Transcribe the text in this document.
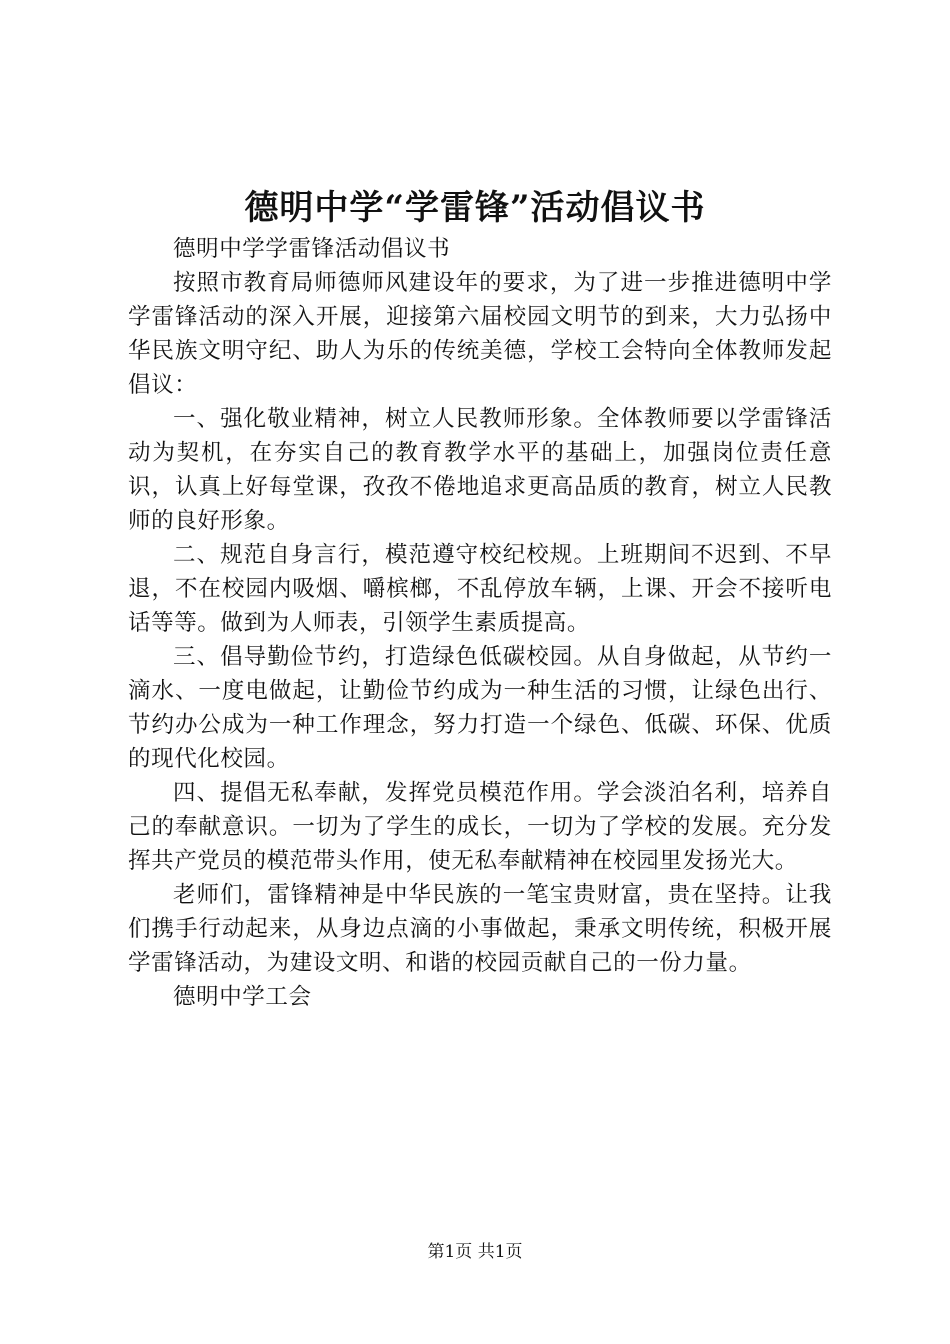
德明中学“学雷锋”活动倡议书

德明中学学雷锋活动倡议书

按照市教育局师德师风建设年的要求，为了进一步推进德明中学学雷锋活动的深入开展，迎接第六届校园文明节的到来，大力弘扬中华民族文明守纪、助人为乐的传统美德，学校工会特向全体教师发起倡议：

一、强化敬业精神，树立人民教师形象。全体教师要以学雷锋活动为契机，在夯实自己的教育教学水平的基础上，加强岗位责任意识，认真上好每堂课，孜孜不倦地追求更高品质的教育，树立人民教师的良好形象。

二、规范自身言行，模范遵守校纪校规。上班期间不迟到、不早退，不在校园内吸烟、嚼槟榔，不乱停放车辆，上课、开会不接听电话等等。做到为人师表，引领学生素质提高。

三、倡导勤俭节约，打造绿色低碳校园。从自身做起，从节约一滴水、一度电做起，让勤俭节约成为一种生活的习惯，让绿色出行、节约办公成为一种工作理念，努力打造一个绿色、低碳、环保、优质的现代化校园。

四、提倡无私奉献，发挥党员模范作用。学会淡泊名利，培养自己的奉献意识。一切为了学生的成长，一切为了学校的发展。充分发挥共产党员的模范带头作用，使无私奉献精神在校园里发扬光大。

老师们，雷锋精神是中华民族的一笔宝贵财富，贵在坚持。让我们携手行动起来，从身边点滴的小事做起，秉承文明传统，积极开展学雷锋活动，为建设文明、和谐的校园贡献自己的一份力量。

德明中学工会

第1页 共1页
